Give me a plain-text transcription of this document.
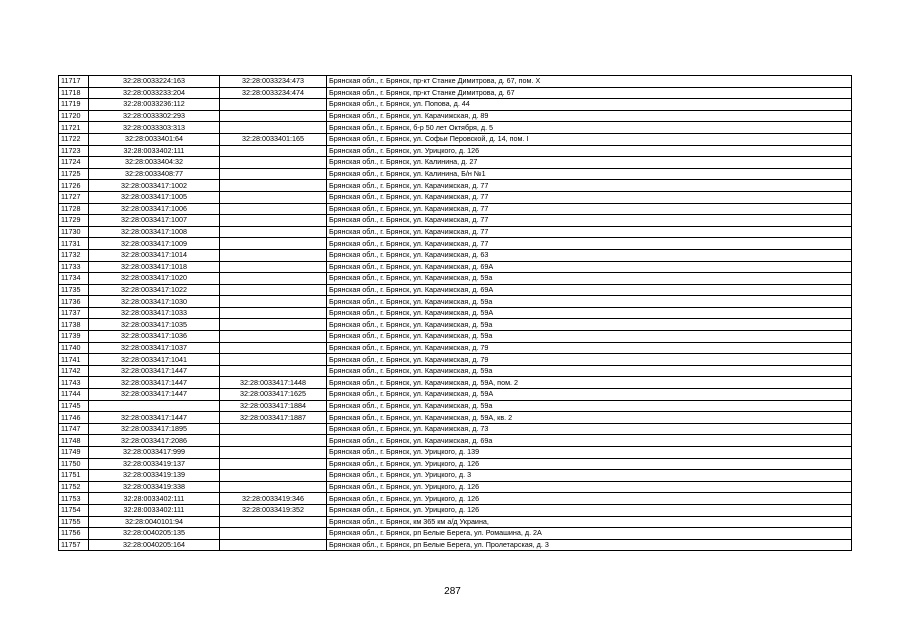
11717	32:28:0033224:163	32:28:0033234:473	Брянская обл., г. Брянск, пр-кт Станке Димитрова, д. 67, пом. X
11718	32:28:0033233:204	32:28:0033234:474	Брянская обл., г. Брянск, пр-кт Станке Димитрова, д. 67
11719	32:28:0033236:112		Брянская обл., г. Брянск, ул. Попова, д. 44
11720	32:28:0033302:293		Брянская обл., г. Брянск, ул. Карачижская, д. 89
11721	32:28:0033303:313		Брянская обл., г. Брянск, б-р 50 лет Октября, д. 5
11722	32:28:0033401:64	32:28:0033401:165	Брянская обл., г. Брянск, ул. Софьи Перовской, д. 14, пом. I
11723	32:28:0033402:111		Брянская обл., г. Брянск, ул. Урицкого, д. 126
11724	32:28:0033404:32		Брянская обл., г. Брянск, ул. Калинина, д. 27
11725	32:28:0033408:77		Брянская обл., г. Брянск, ул. Калинина, Б/н №1
11726	32:28:0033417:1002		Брянская обл., г. Брянск, ул. Карачижская, д. 77
11727	32:28:0033417:1005		Брянская обл., г. Брянск, ул. Карачижская, д. 77
11728	32:28:0033417:1006		Брянская обл., г. Брянск, ул. Карачижская, д. 77
11729	32:28:0033417:1007		Брянская обл., г. Брянск, ул. Карачижская, д. 77
11730	32:28:0033417:1008		Брянская обл., г. Брянск, ул. Карачижская, д. 77
11731	32:28:0033417:1009		Брянская обл., г. Брянск, ул. Карачижская, д. 77
11732	32:28:0033417:1014		Брянская обл., г. Брянск, ул. Карачижская, д. 63
11733	32:28:0033417:1018		Брянская обл., г. Брянск, ул. Карачижская, д. 69А
11734	32:28:0033417:1020		Брянская обл., г. Брянск, ул. Карачижская, д. 59а
11735	32:28:0033417:1022		Брянская обл., г. Брянск, ул. Карачижская, д. 69А
11736	32:28:0033417:1030		Брянская обл., г. Брянск, ул. Карачижская, д. 59а
11737	32:28:0033417:1033		Брянская обл., г. Брянск, ул. Карачижская, д. 59А
11738	32:28:0033417:1035		Брянская обл., г. Брянск, ул. Карачижская, д. 59а
11739	32:28:0033417:1036		Брянская обл., г. Брянск, ул. Карачижская, д. 59а
11740	32:28:0033417:1037		Брянская обл., г. Брянск, ул. Карачижская, д. 79
11741	32:28:0033417:1041		Брянская обл., г. Брянск, ул. Карачижская, д. 79
11742	32:28:0033417:1447		Брянская обл., г. Брянск, ул. Карачижская, д. 59а
11743	32:28:0033417:1447	32:28:0033417:1448	Брянская обл., г. Брянск, ул. Карачижская, д. 59А, пом. 2
11744	32:28:0033417:1447	32:28:0033417:1625	Брянская обл., г. Брянск, ул. Карачижская, д. 59А
11745		32:28:0033417:1884	Брянская обл., г. Брянск, ул. Карачижская, д. 59а
11746	32:28:0033417:1447	32:28:0033417:1887	Брянская обл., г. Брянск, ул. Карачижская, д. 59А, кв. 2
11747	32:28:0033417:1895		Брянская обл., г. Брянск, ул. Карачижская, д. 73
11748	32:28:0033417:2086		Брянская обл., г. Брянск, ул. Карачижская, д. 69а
11749	32:28:0033417:999		Брянская обл., г. Брянск, ул. Урицкого, д. 139
11750	32:28:0033419:137		Брянская обл., г. Брянск, ул. Урицкого, д. 126
11751	32:28:0033419:139		Брянская обл., г. Брянск, ул. Урицкого, д. 3
11752	32:28:0033419:338		Брянская обл., г. Брянск, ул. Урицкого, д. 126
11753	32:28:0033402:111	32:28:0033419:346	Брянская обл., г. Брянск, ул. Урицкого, д. 126
11754	32:28:0033402:111	32:28:0033419:352	Брянская обл., г. Брянск, ул. Урицкого, д. 126
11755	32:28:0040101:94		Брянская обл., г. Брянск, км 365 км а/д Украина,
11756	32:28:0040205:135		Брянская обл., г. Брянск, рп Белые Берега, ул. Ромашина, д. 2А
11757	32:28:0040205:164		Брянская обл., г. Брянск, рп Белые Берега, ул. Пролетарская, д. 3
287
